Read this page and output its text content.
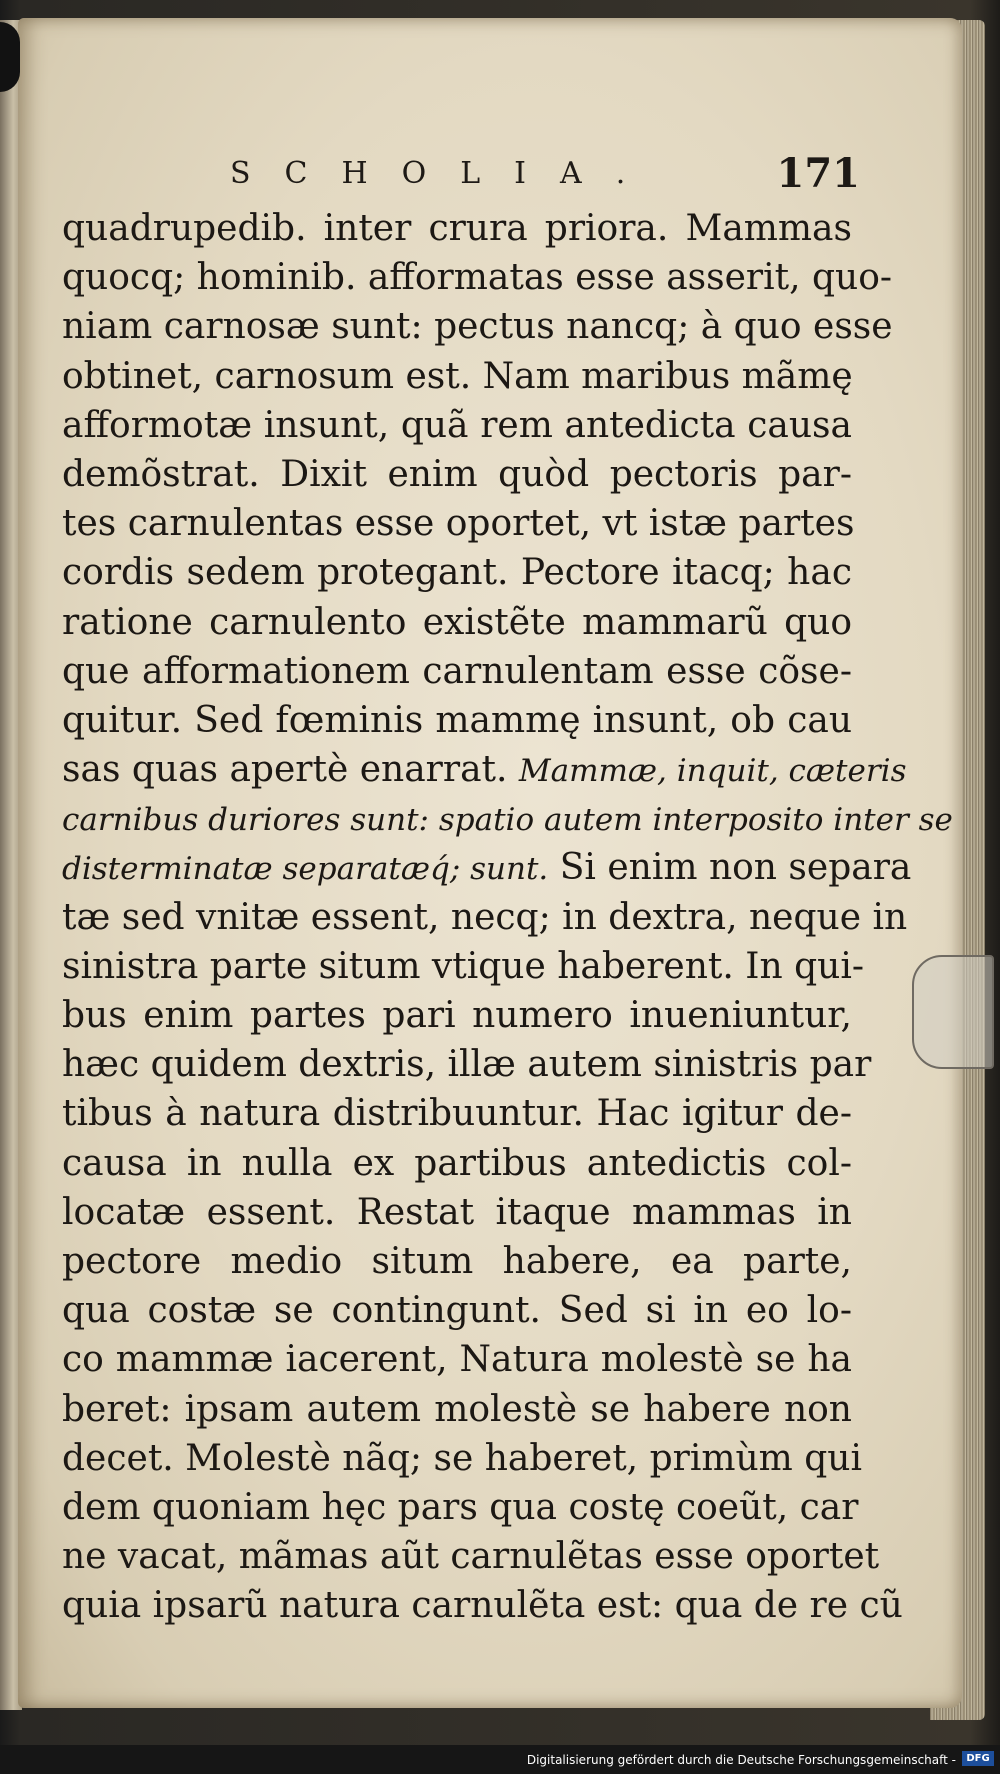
SCHOLIA.	171
quadrupedib. inter crura priora. Mammas
quocq; hominib. afformatas esse asserit, quo-
niam carnosæ sunt: pectus nancq; à quo esse
obtinet, carnosum est. Nam maribus mãmę
afformotæ insunt, quã rem antedicta causa
demõstrat. Dixit enim quòd pectoris par-
tes carnulentas esse oportet, vt istæ partes
cordis sedem protegant. Pectore itacq; hac
ratione carnulento existẽte mammarũ quo
que afformationem carnulentam esse cõse-
quitur. Sed fœminis mammę insunt, ob cau
sas quas apertè enarrat. Mammæ, inquit, cæteris
carnibus duriores sunt: spatio autem interposito inter se
disterminatæ separatæq́; sunt. Si enim non separa
tæ sed vnitæ essent, necq; in dextra, neque in
sinistra parte situm vtique haberent. In qui-
bus enim partes pari numero inueniuntur,
hæc quidem dextris, illæ autem sinistris par
tibus à natura distribuuntur. Hac igitur de-
causa in nulla ex partibus antedictis col-
locatæ essent. Restat itaque mammas in
pectore medio situm habere, ea parte,
qua costæ se contingunt. Sed si in eo lo-
co mammæ iacerent, Natura molestè se ha
beret: ipsam autem molestè se habere non
decet. Molestè nãq; se haberet, primùm qui
dem quoniam hęc pars qua costę coeũt, car
ne vacat, mãmas aũt carnulẽtas esse oportet
quia ipsarũ natura carnulẽta est: qua de re cũ
Digitalisierung gefördert durch die Deutsche Forschungsgemeinschaft -	DFG
